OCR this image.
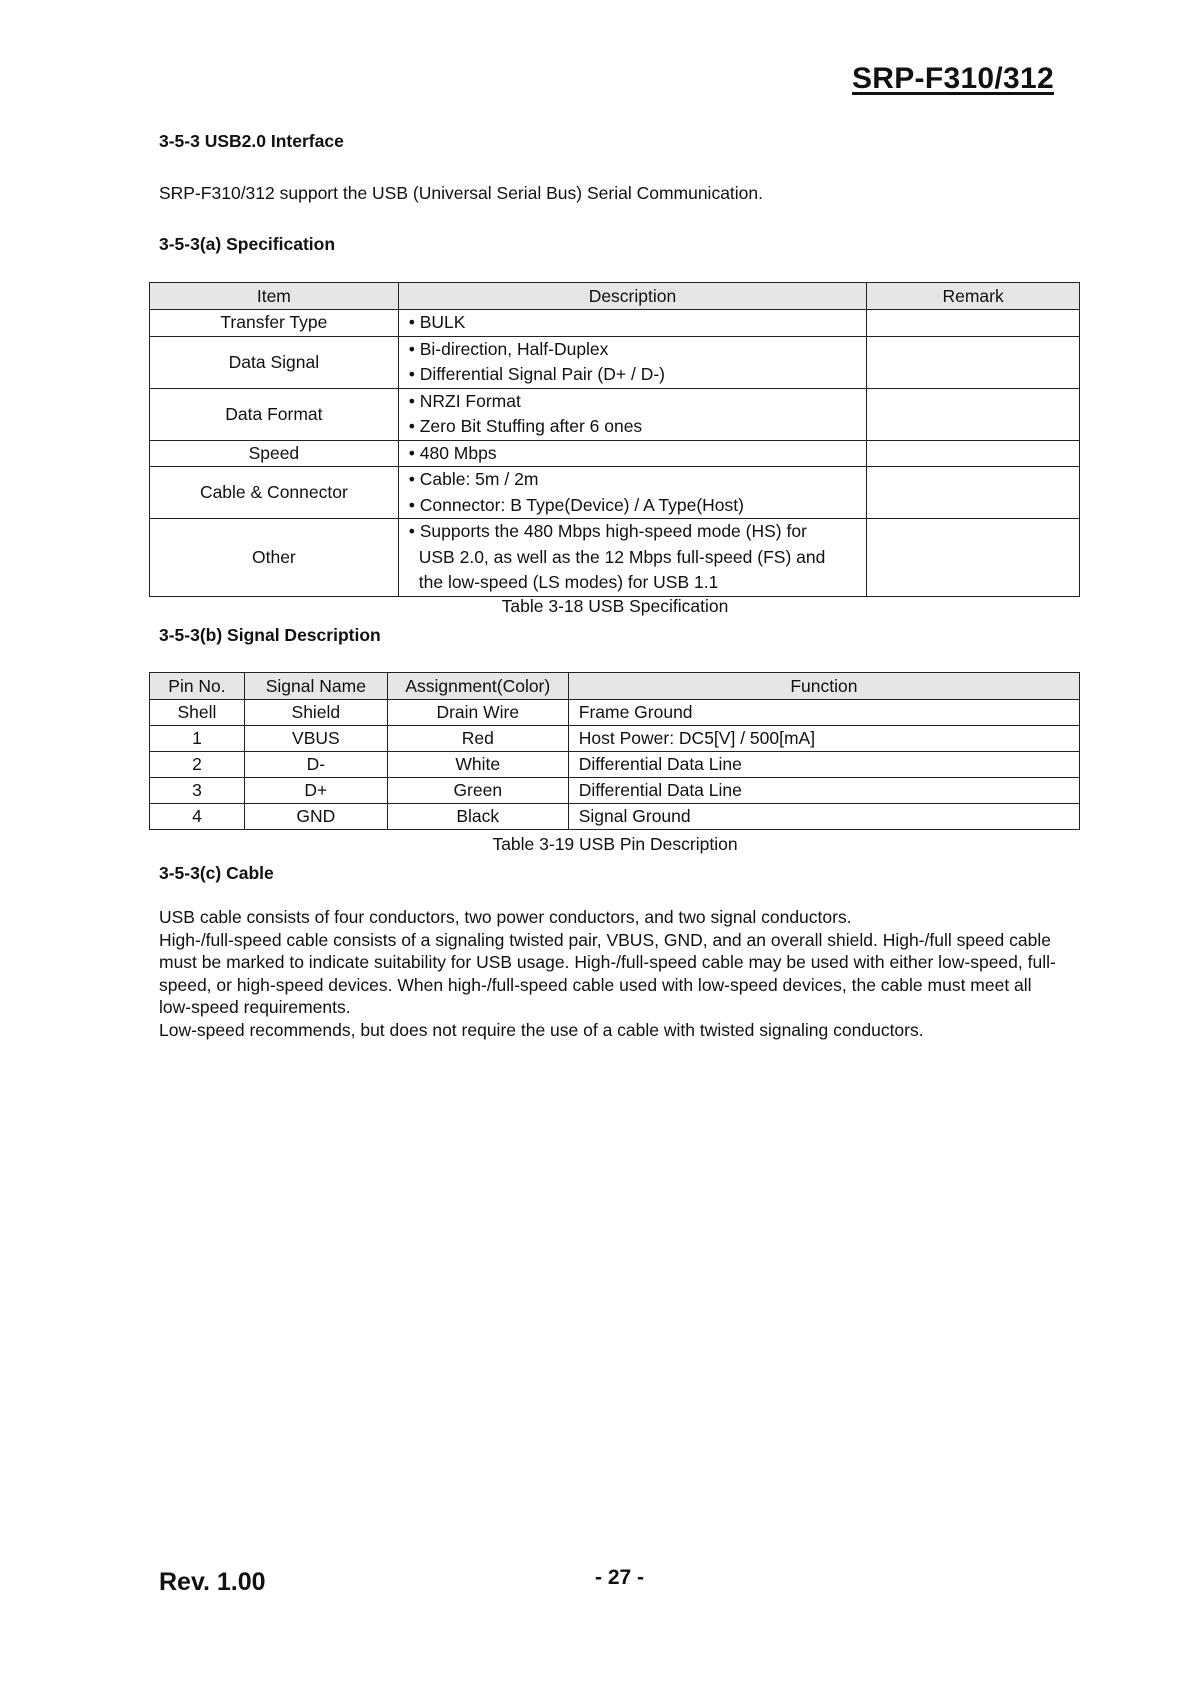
SRP-F310/312
3-5-3 USB2.0 Interface
SRP-F310/312 support the USB (Universal Serial Bus) Serial Communication.
3-5-3(a) Specification
Item	Description	Remark
Transfer Type	• BULK	

Data Signal	• Bi-direction, Half-Duplex
• Differential Signal Pair (D+ / D-)	

Data Format	• NRZI Format
• Zero Bit Stuffing after 6 ones	

Speed	• 480 Mbps	

Cable & Connector	• Cable: 5m / 2m
• Connector: B Type(Device) / A Type(Host)	

Other	• Supports the 480 Mbps high-speed mode (HS) for
USB 2.0, as well as the 12 Mbps full-speed (FS) and
the low-speed (LS modes) for USB 1.1	

Table 3-18 USB Specification
3-5-3(b) Signal Description
Pin No.	Signal Name	Assignment(Color)	Function
Shell	Shield	Drain Wire	Frame Ground
1	VBUS	Red	Host Power: DC5[V] / 500[mA]
2	D-	White	Differential Data Line
3	D+	Green	Differential Data Line
4	GND	Black	Signal Ground
Table 3-19 USB Pin Description
3-5-3(c) Cable

USB cable consists of four conductors, two power conductors, and two signal conductors.

High-/full-speed cable consists of a signaling twisted pair, VBUS, GND, and an overall shield. High-/full speed cable must be marked to indicate suitability for USB usage. High-/full-speed cable may be used with either low-speed, full-speed, or high-speed devices. When high-/full-speed cable used with low-speed devices, the cable must meet all low-speed requirements.

Low-speed recommends, but does not require the use of a cable with twisted signaling conductors.

Rev. 1.00	- 27 -
